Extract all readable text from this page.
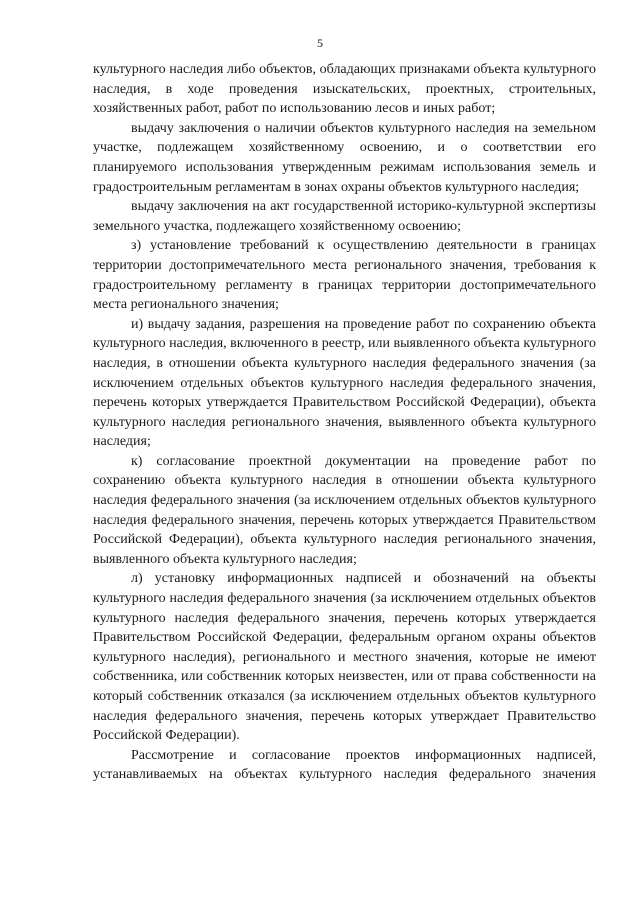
5

культурного наследия либо объектов, обладающих признаками объекта культурного наследия, в ходе проведения изыскательских, проектных, строительных, хозяйственных работ, работ по использованию лесов и иных работ;

выдачу заключения о наличии объектов культурного наследия на земельном участке, подлежащем хозяйственному освоению, и о соответствии его планируемого использования утвержденным режимам использования земель и градостроительным регламентам в зонах охраны объектов культурного наследия;

выдачу заключения на акт государственной историко-культурной экспертизы земельного участка, подлежащего хозяйственному освоению;

з) установление требований к осуществлению деятельности в границах территории достопримечательного места регионального значения, требования к градостроительному регламенту в границах территории достопримечательного места регионального значения;

и) выдачу задания, разрешения на проведение работ по сохранению объекта культурного наследия, включенного в реестр, или выявленного объекта культурного наследия, в отношении объекта культурного наследия федерального значения (за исключением отдельных объектов культурного наследия федерального значения, перечень которых утверждается Правительством Российской Федерации), объекта культурного наследия регионального значения, выявленного объекта культурного наследия;

к) согласование проектной документации на проведение работ по сохранению объекта культурного наследия в отношении объекта культурного наследия федерального значения (за исключением отдельных объектов культурного наследия федерального значения, перечень которых утверждается Правительством Российской Федерации), объекта культурного наследия регионального значения, выявленного объекта культурного наследия;

л) установку информационных надписей и обозначений на объекты культурного наследия федерального значения (за исключением отдельных объектов культурного наследия федерального значения, перечень которых утверждается Правительством Российской Федерации, федеральным органом охраны объектов культурного наследия), регионального и местного значения, которые не имеют собственника, или собственник которых неизвестен, или от права собственности на который собственник отказался (за исключением отдельных объектов культурного наследия федерального значения, перечень которых утверждает Правительство Российской Федерации).

Рассмотрение и согласование проектов информационных надписей, устанавливаемых на объектах культурного наследия федерального значения
